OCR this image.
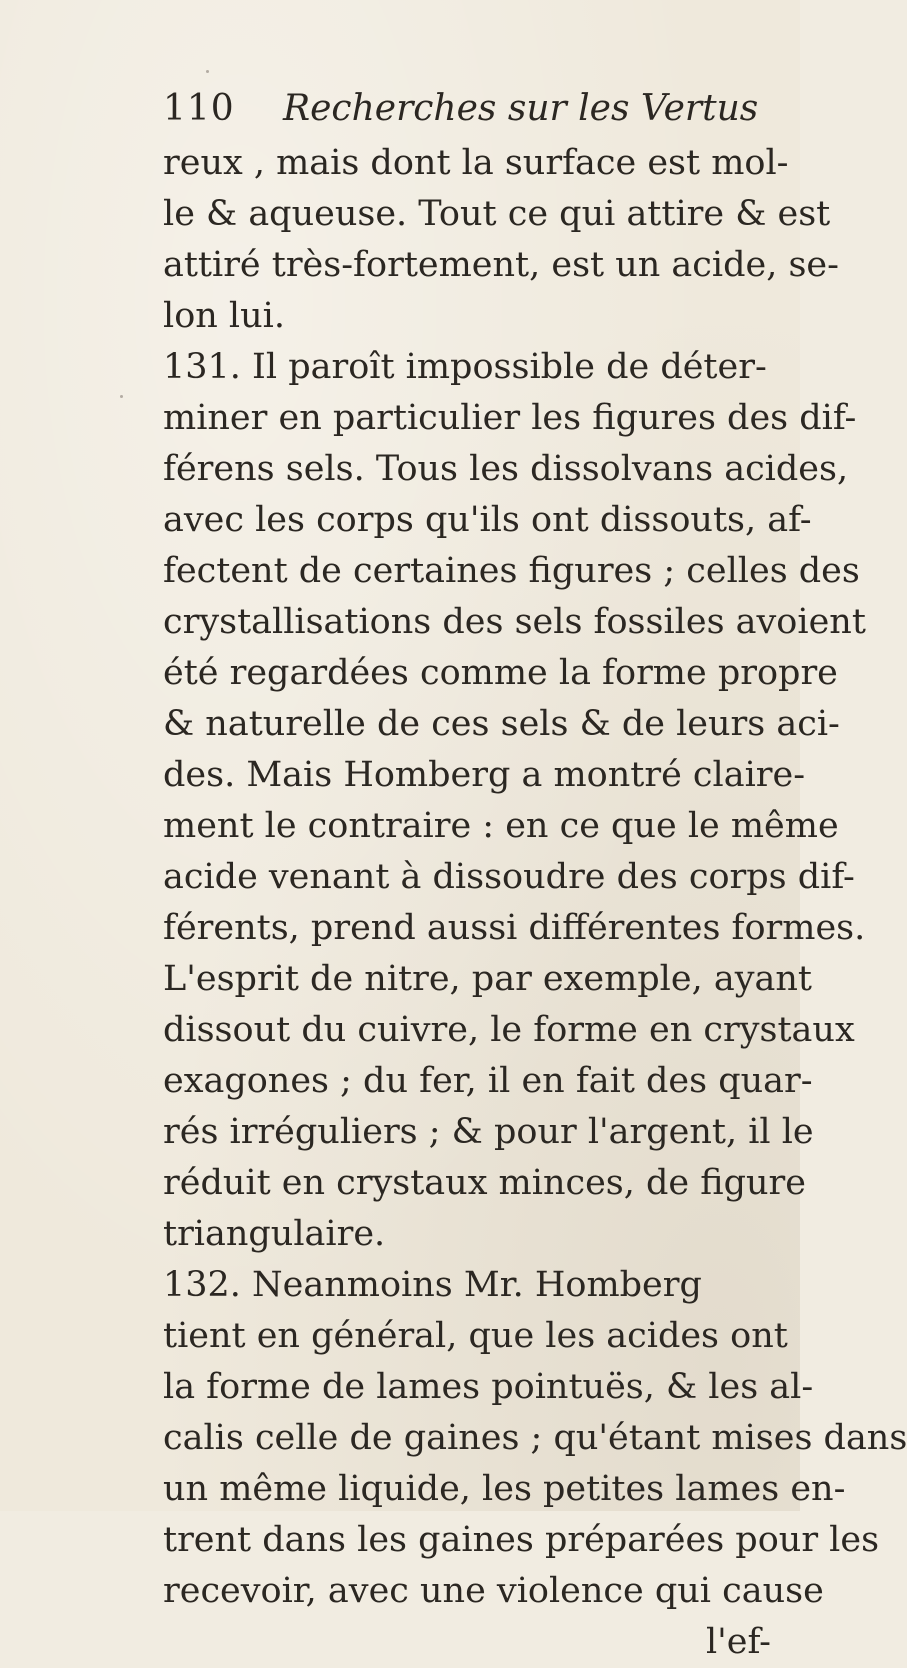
110 Recherches sur les Vertus
reux , mais dont la surface est mol-
le & aqueuse. Tout ce qui attire & est
attiré très-fortement, est un acide, se-
lon lui.
131. Il paroît impossible de déter-
miner en particulier les figures des dif-
férens sels. Tous les dissolvans acides,
avec les corps qu'ils ont dissouts, af-
fectent de certaines figures ; celles des
crystallisations des sels fossiles avoient
été regardées comme la forme propre
& naturelle de ces sels & de leurs aci-
des. Mais Homberg a montré claire-
ment le contraire : en ce que le même
acide venant à dissoudre des corps dif-
férents, prend aussi différentes formes.
L'esprit de nitre, par exemple, ayant
dissout du cuivre, le forme en crystaux
exagones ; du fer, il en fait des quar-
rés irréguliers ; & pour l'argent, il le
réduit en crystaux minces, de figure
triangulaire.
132. Neanmoins Mr. Homberg
tient en général, que les acides ont
la forme de lames pointuës, & les al-
calis celle de gaines ; qu'étant mises dans
un même liquide, les petites lames en-
trent dans les gaines préparées pour les
recevoir, avec une violence qui cause
l'ef-
